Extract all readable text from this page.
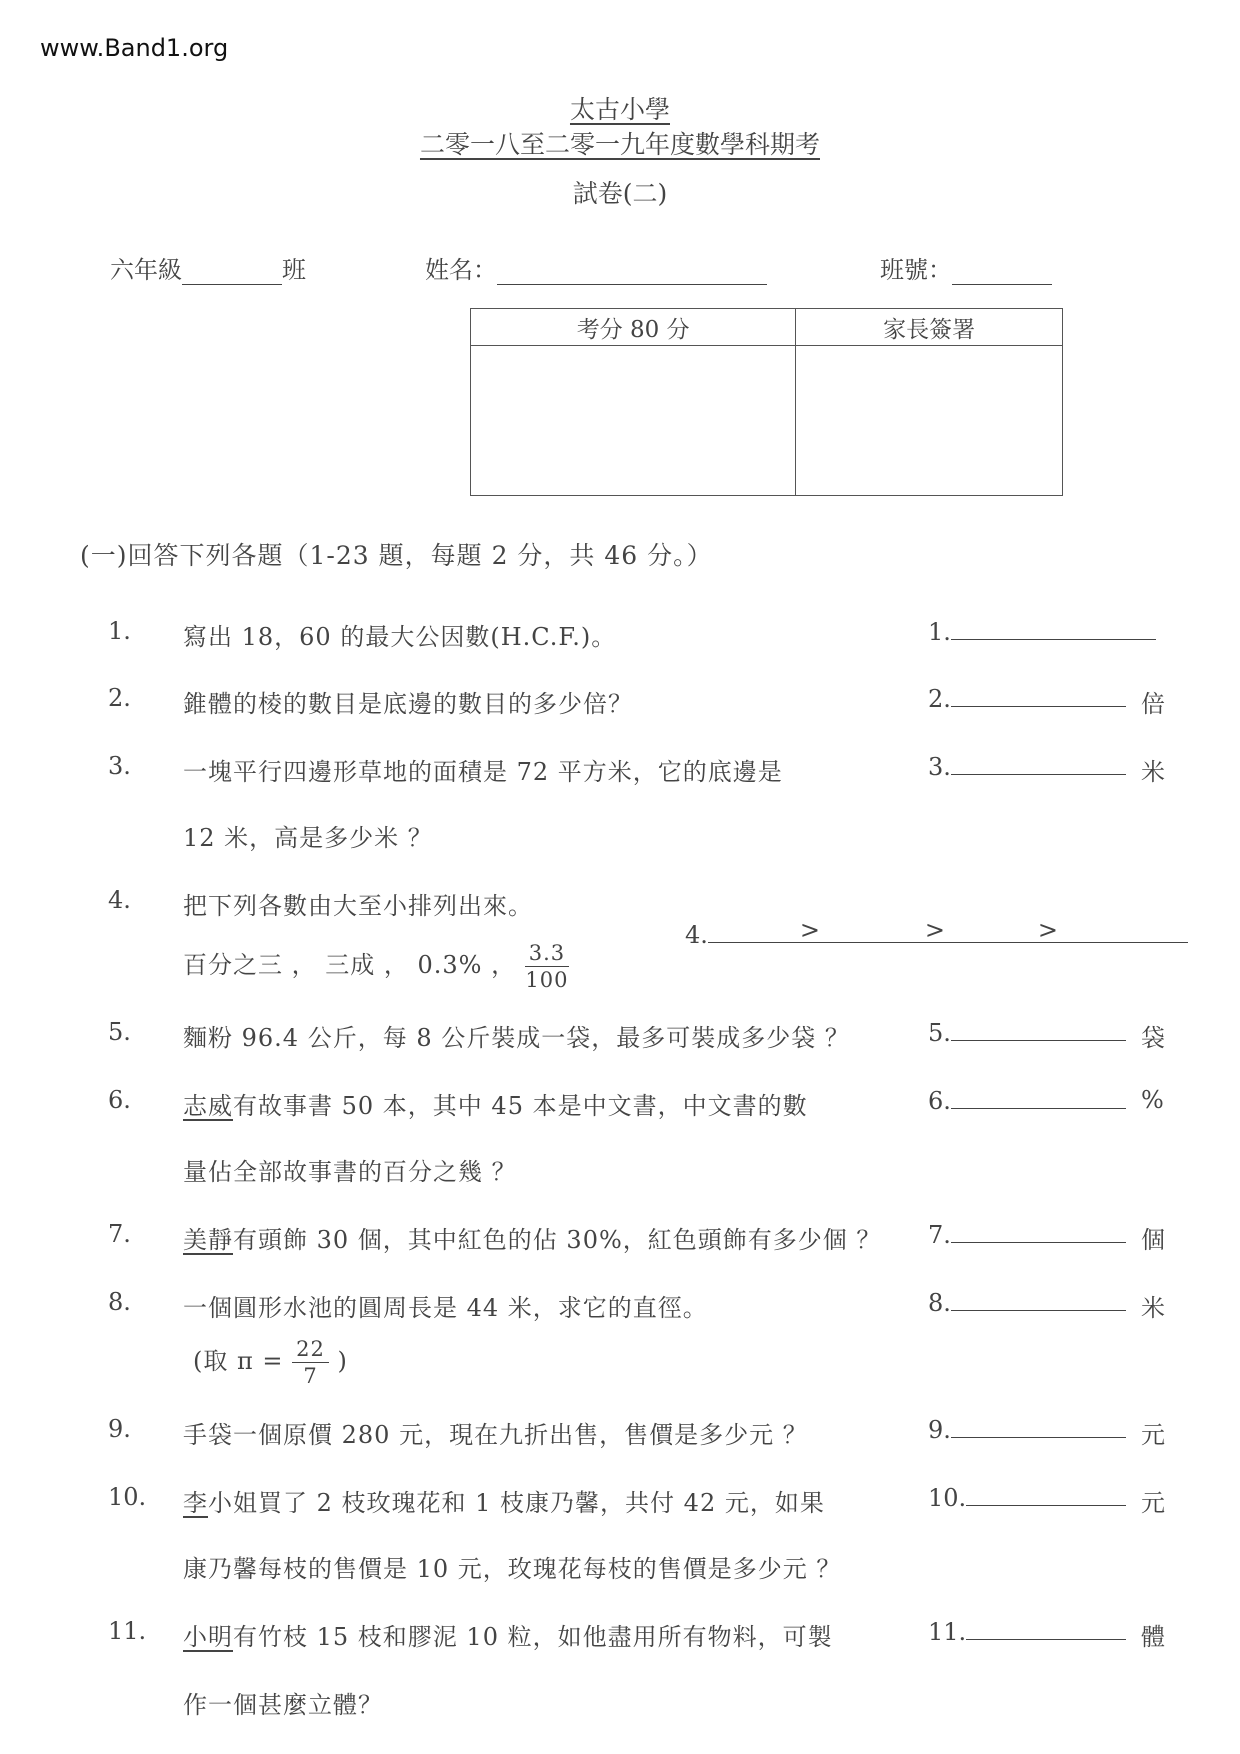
www.Band1.org
太古小學
二零一八至二零一九年度數學科期考
試卷(二)
六年級	班	姓名：	班號：
考分 80 分	家長簽署

(一)回答下列各題（1-23 題，每題 2 分，共 46 分。）
1. 寫出 18，60 的最大公因數(H.C.F.)。	1.
2. 錐體的棱的數目是底邊的數目的多少倍？	2.	倍
3. 一塊平行四邊形草地的面積是 72 平方米，它的底邊是
12 米，高是多少米 ？
3.	米
4. 把下列各數由大至小排列出來。
百分之三 ， 三成 ， 0.3% ， $\frac{3.3}{100}$
4.	>	>	>
5. 麵粉 96.4 公斤，每 8 公斤裝成一袋，最多可裝成多少袋 ？	5.	袋
6. 志威有故事書 50 本，其中 45 本是中文書，中文書的數
量佔全部故事書的百分之幾 ？
6.	%
7. 美靜有頭飾 30 個，其中紅色的佔 30%，紅色頭飾有多少個 ？ 7.	個
8. 一個圓形水池的圓周長是 44 米，求它的直徑。
(取 $\pi = \frac{22}{7}$ )
8.	米
9. 手袋一個原價 280 元，現在九折出售，售價是多少元 ？	9.	元
10. 李小姐買了 2 枝玫瑰花和 1 枝康乃馨，共付 42 元，如果
康乃馨每枝的售價是 10 元，玫瑰花每枝的售價是多少元 ？
10.	元
11. 小明有竹枝 15 枝和膠泥 10 粒，如他盡用所有物料，可製
作一個甚麼立體？
11.	體
